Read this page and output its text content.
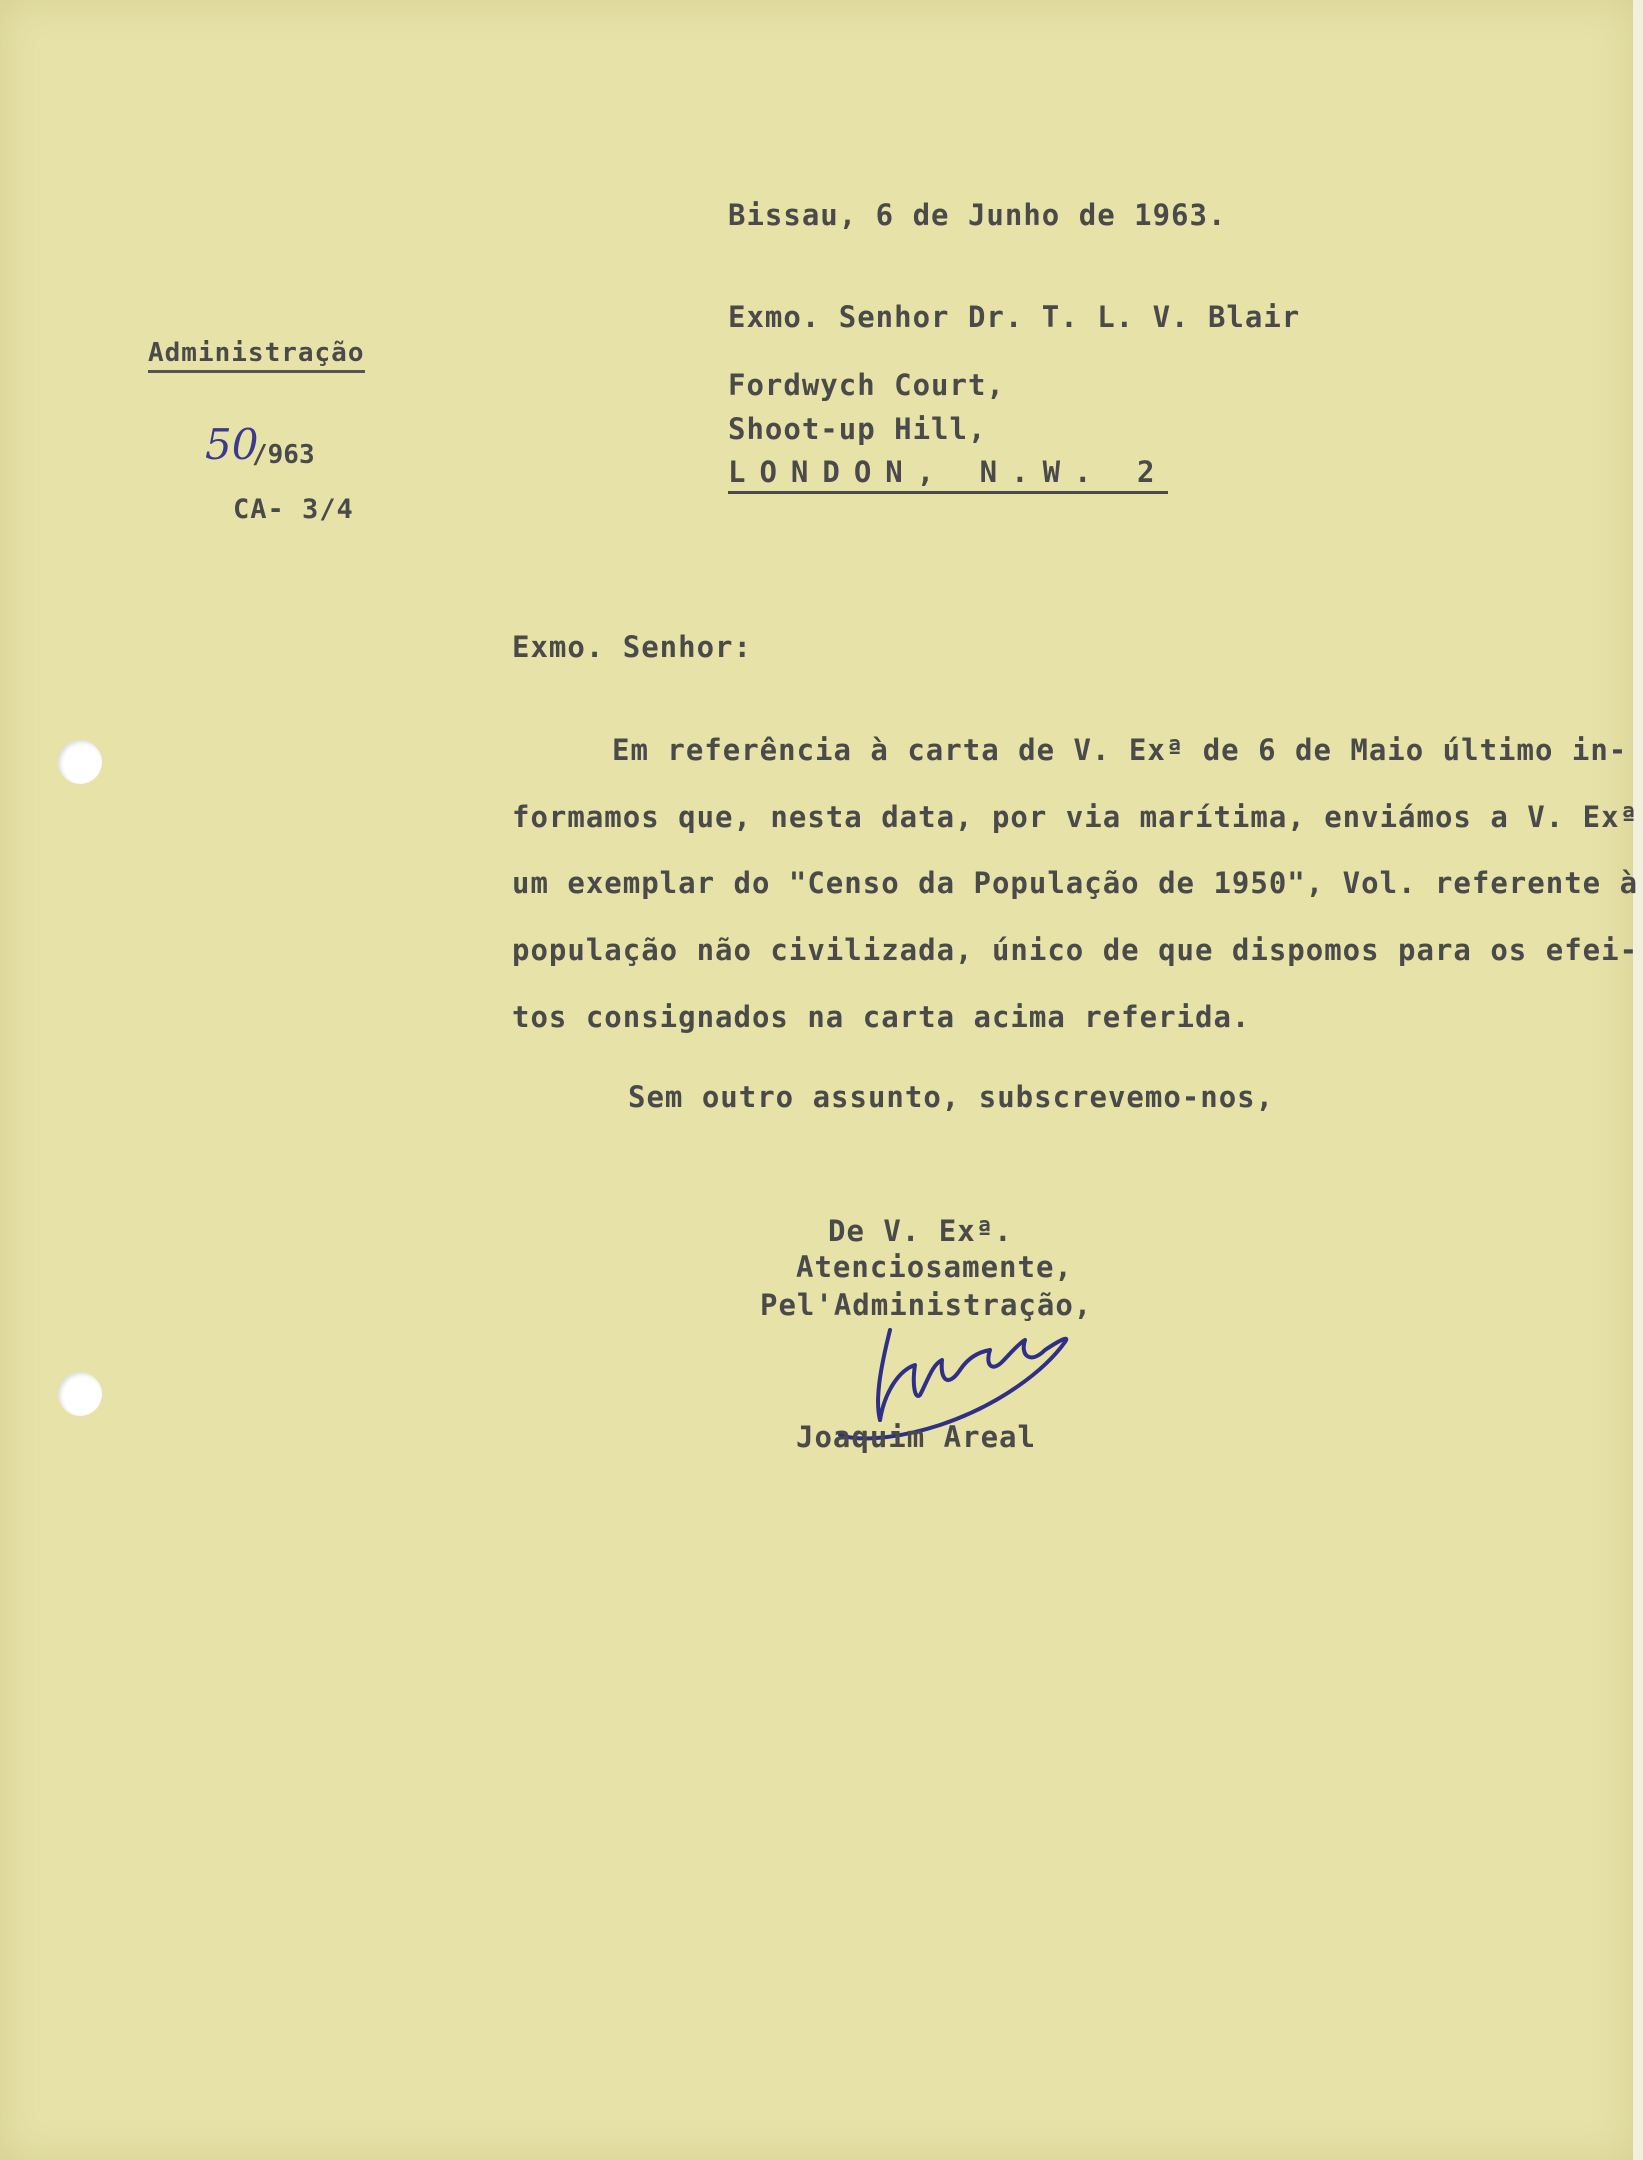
Bissau, 6 de Junho de 1963.
Exmo. Senhor Dr. T. L. V. Blair
Fordwych Court,
Shoot-up Hill,
LONDON, N.W. 2
Administração
50
/963
CA- 3/4
Exmo. Senhor:
Em referência à carta de V. Exª de 6 de Maio último in-
formamos que, nesta data, por via marítima, enviámos a V. Exª
um exemplar do "Censo da População de 1950", Vol. referente à
população não civilizada, único de que dispomos para os efei-
tos consignados na carta acima referida.
Sem outro assunto, subscrevemo-nos,
De V. Exª.
Atenciosamente,
Pel'Administração,
Joaquim Areal
